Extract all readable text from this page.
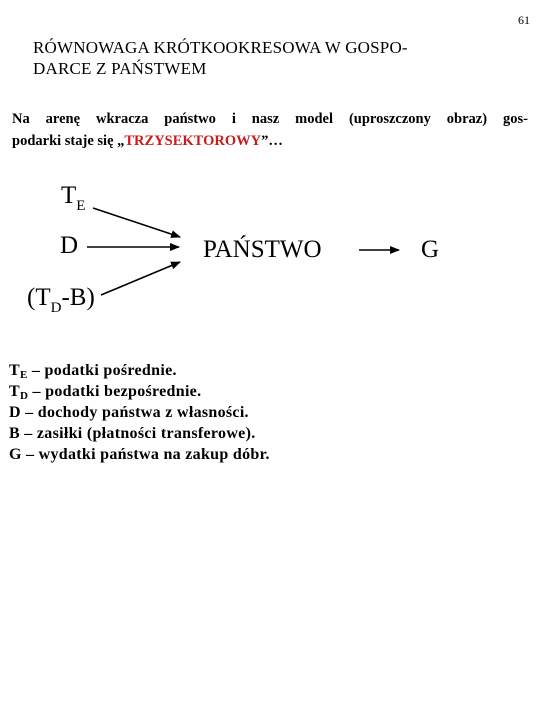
61
RÓWNOWAGA KRÓTKOOKRESOWA W GOSPO-
DARCE Z PAŃSTWEM
Na arenę wkracza państwo i nasz model (uproszczony obraz) gos-
podarki staje się „TRZYSEKTOROWY”…
$T_E$
D
$(T_D-B)$
PAŃSTWO	G
$T_E$ – podatki pośrednie.
$T_D$ – podatki bezpośrednie.
D – dochody państwa z własności.
B – zasiłki (płatności transferowe).
G – wydatki państwa na zakup dóbr.
